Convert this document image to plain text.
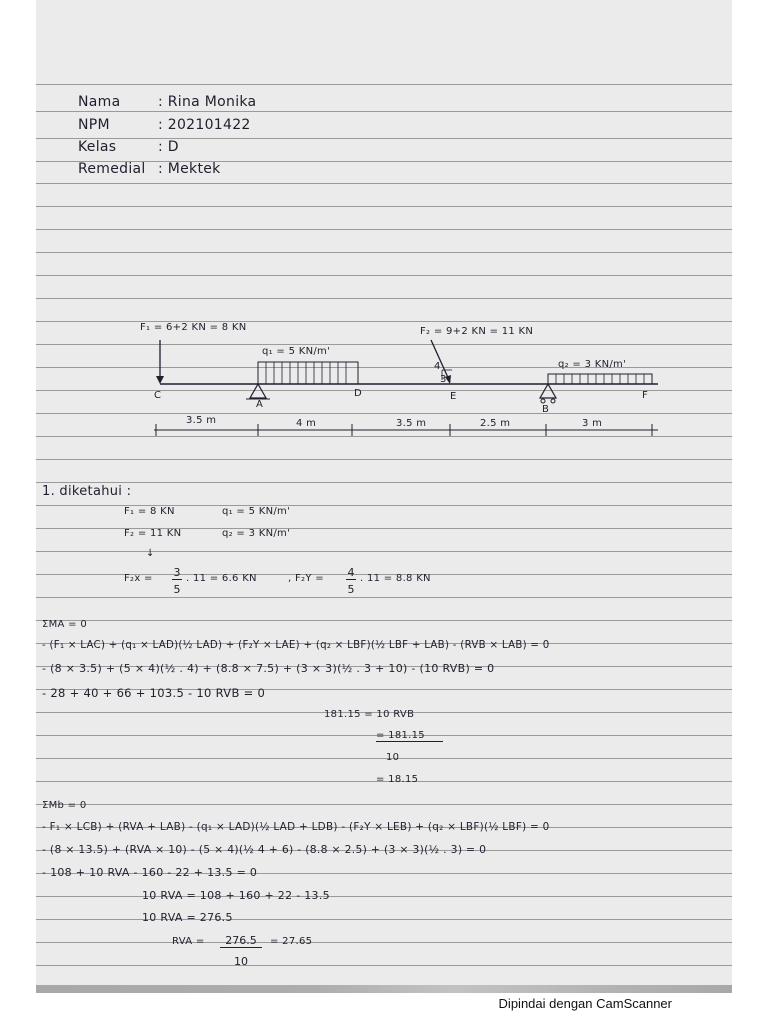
Nama	: Rina Monika
NPM	: 202101422
Kelas	: D
Remedial : Mektek
F₁ = 6+2 KN = 8 KN
q₁ = 5 KN/m'
F₂ = 9+2 KN = 11 KN
q₂ = 3 KN/m'
4
3
C
A
D	E
B
F
3.5 m	4 m	3.5 m	2.5 m	3 m
1. diketahui :
F₁ = 8 KN	q₁ = 5 KN/m'
F₂ = 11 KN	q₂ = 3 KN/m'
↓
F₂x = 3
5
. 11 = 6.6 KN	, F₂Y = 4
5
. 11 = 8.8 KN
ΣMA = 0
- (F₁ × LAC) + (q₁ × LAD)(½ LAD) + (F₂Y × LAE) + (q₂ × LBF)(½ LBF + LAB) - (RVB × LAB) = 0
- (8 × 3.5) + (5 × 4)(½ . 4) + (8.8 × 7.5) + (3 × 3)(½ . 3 + 10) - (10 RVB) = 0
- 28 + 40 + 66 + 103.5 - 10 RVB = 0
181.15 = 10 RVB
= 181.15
10
= 18.15
ΣMb = 0
- F₁ × LCB) + (RVA + LAB) - (q₁ × LAD)(½ LAD + LDB) - (F₂Y × LEB) + (q₂ × LBF)(½ LBF) = 0
- (8 × 13.5) + (RVA × 10) - (5 × 4)(½ 4 + 6) - (8.8 × 2.5) + (3 × 3)(½ . 3) = 0
- 108 + 10 RVA - 160 - 22 + 13.5 = 0
10 RVA = 108 + 160 + 22 - 13.5
10 RVA = 276.5
RVA =	276.5
10
= 27.65
Dipindai dengan CamScanner
